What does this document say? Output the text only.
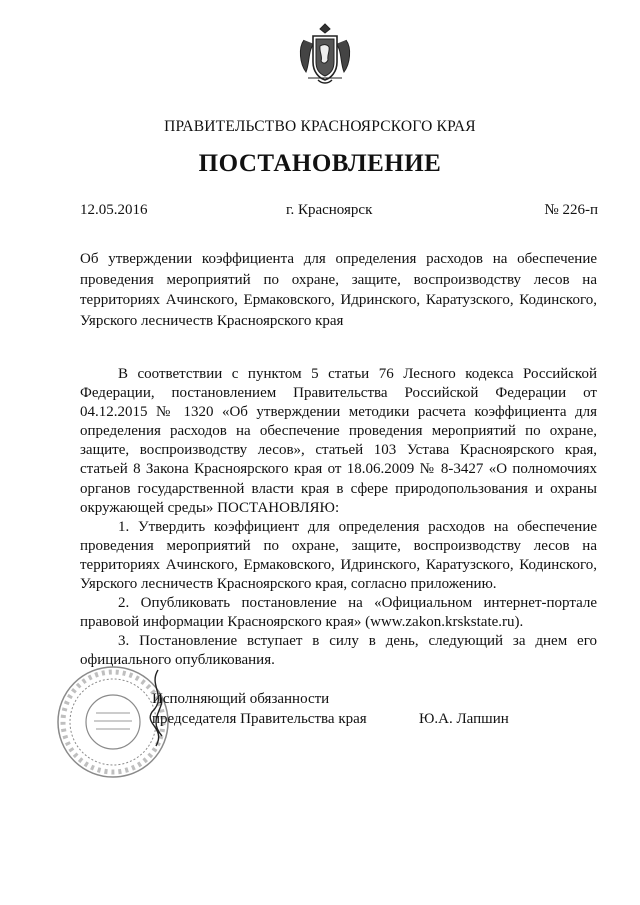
ПРАВИТЕЛЬСТВО КРАСНОЯРСКОГО КРАЯ
ПОСТАНОВЛЕНИЕ
12.05.2016	г. Красноярск	№ 226-п
Об утверждении коэффициента для определения расходов на обеспечение проведения мероприятий по охране, защите, воспроизводству лесов на территориях Ачинского, Ермаковского, Идринского, Каратузского, Кодинского, Уярского лесничеств Красноярского края

В соответствии с пунктом 5 статьи 76 Лесного кодекса Российской Федерации, постановлением Правительства Российской Федерации от 04.12.2015 № 1320 «Об утверждении методики расчета коэффициента для определения расходов на обеспечение проведения мероприятий по охране, защите, воспроизводству лесов», статьей 103 Устава Красноярского края, статьей 8 Закона Красноярского края от 18.06.2009 № 8-3427 «О полномочиях органов государственной власти края в сфере природопользования и охраны окружающей среды» ПОСТАНОВЛЯЮ:

1. Утвердить коэффициент для определения расходов на обеспечение проведения мероприятий по охране, защите, воспроизводству лесов на территориях Ачинского, Ермаковского, Идринского, Каратузского, Кодинского, Уярского лесничеств Красноярского края, согласно приложению.

2. Опубликовать постановление на «Официальном интернет-портале правовой информации Красноярского края» (www.zakon.krskstate.ru).

3. Постановление вступает в силу в день, следующий за днем его официального опубликования.

Исполняющий обязанности
председателя Правительства края	Ю.А. Лапшин
